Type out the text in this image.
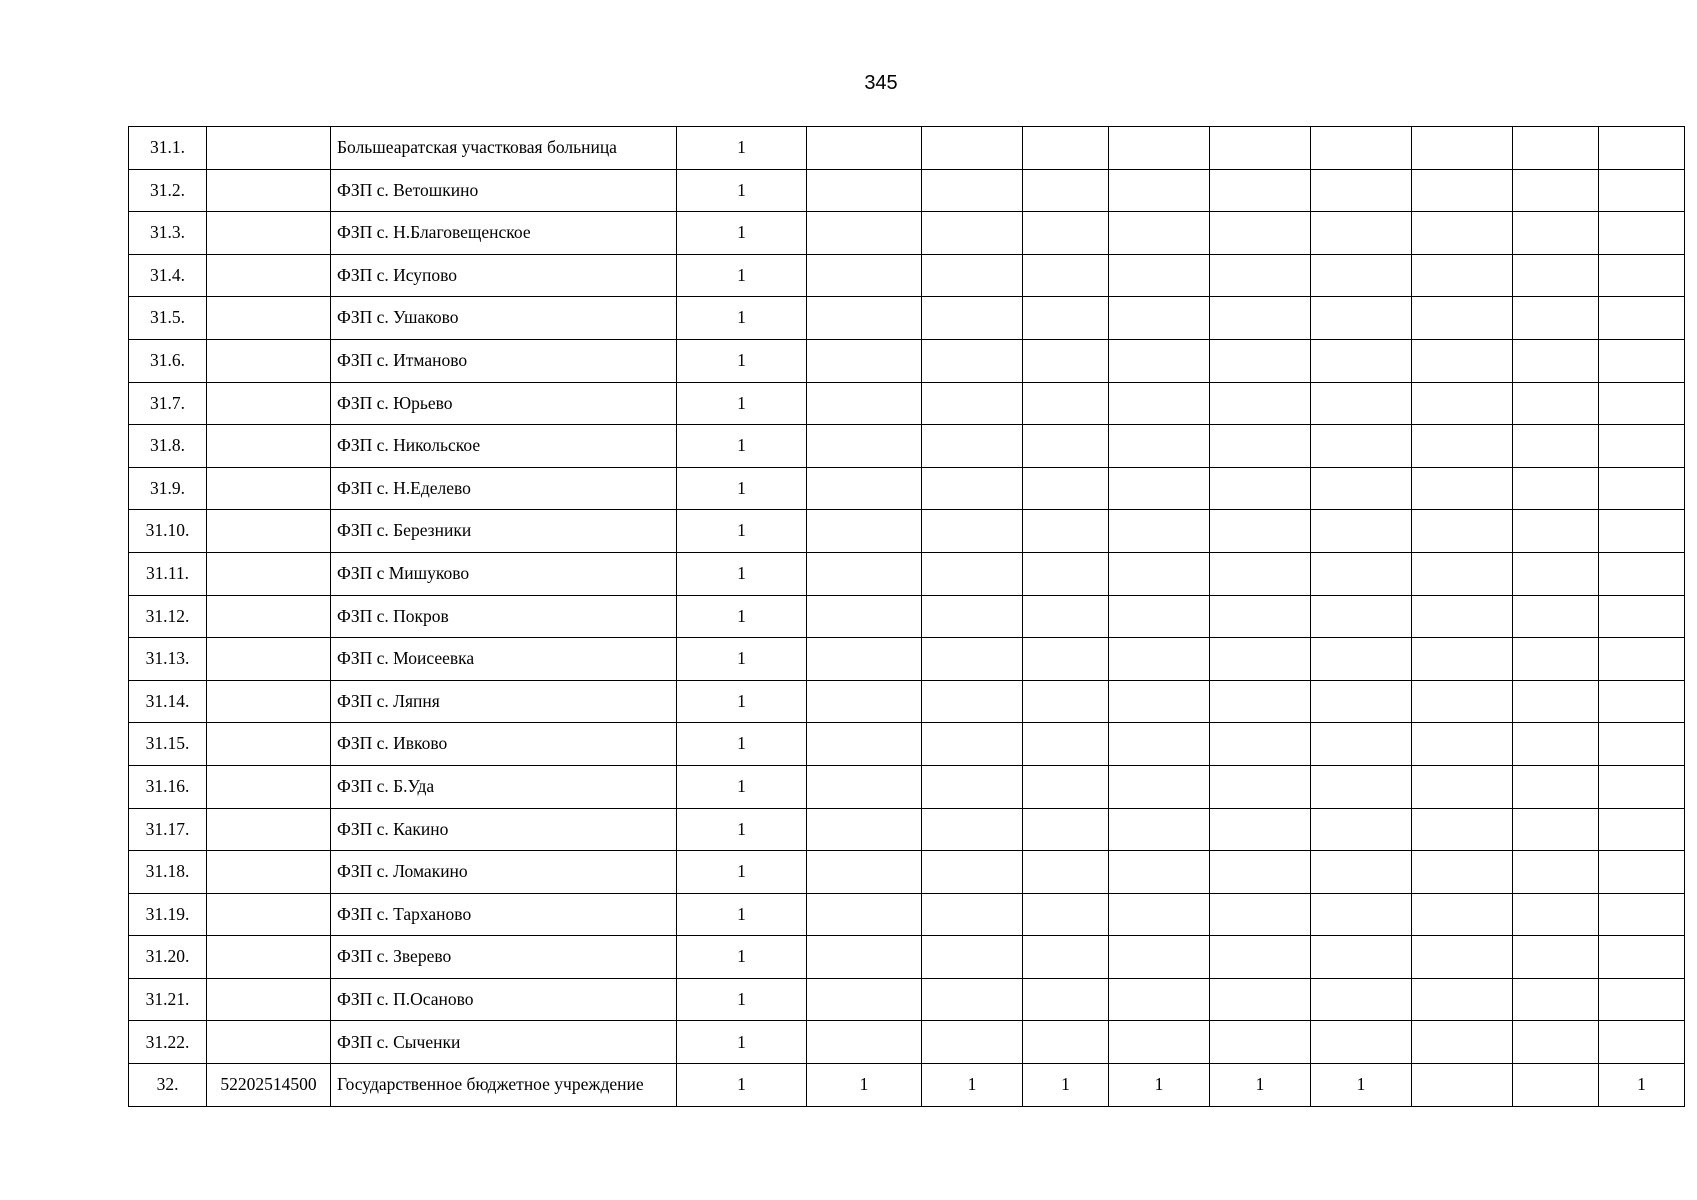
345
31.1.		Большеаратская участковая больница	1									
31.2.		ФЗП с. Ветошкино	1									
31.3.		ФЗП с. Н.Благовещенское	1									
31.4.		ФЗП с. Исупово	1									
31.5.		ФЗП с. Ушаково	1									
31.6.		ФЗП с. Итманово	1									
31.7.		ФЗП с. Юрьево	1									
31.8.		ФЗП с. Никольское	1									
31.9.		ФЗП с. Н.Еделево	1									
31.10.		ФЗП с. Березники	1									
31.11.		ФЗП с Мишуково	1									
31.12.		ФЗП с. Покров	1									
31.13.		ФЗП с. Моисеевка	1									
31.14.		ФЗП с. Ляпня	1									
31.15.		ФЗП с. Ивково	1									
31.16.		ФЗП с. Б.Уда	1									
31.17.		ФЗП с. Какино	1									
31.18.		ФЗП с. Ломакино	1									
31.19.		ФЗП с. Тарханово	1									
31.20.		ФЗП с. Зверево	1									
31.21.		ФЗП с. П.Осаново	1									
31.22.		ФЗП с. Сыченки	1									
32.	52202514500	Государственное бюджетное учреждение	1	1	1	1	1	1	1			1
